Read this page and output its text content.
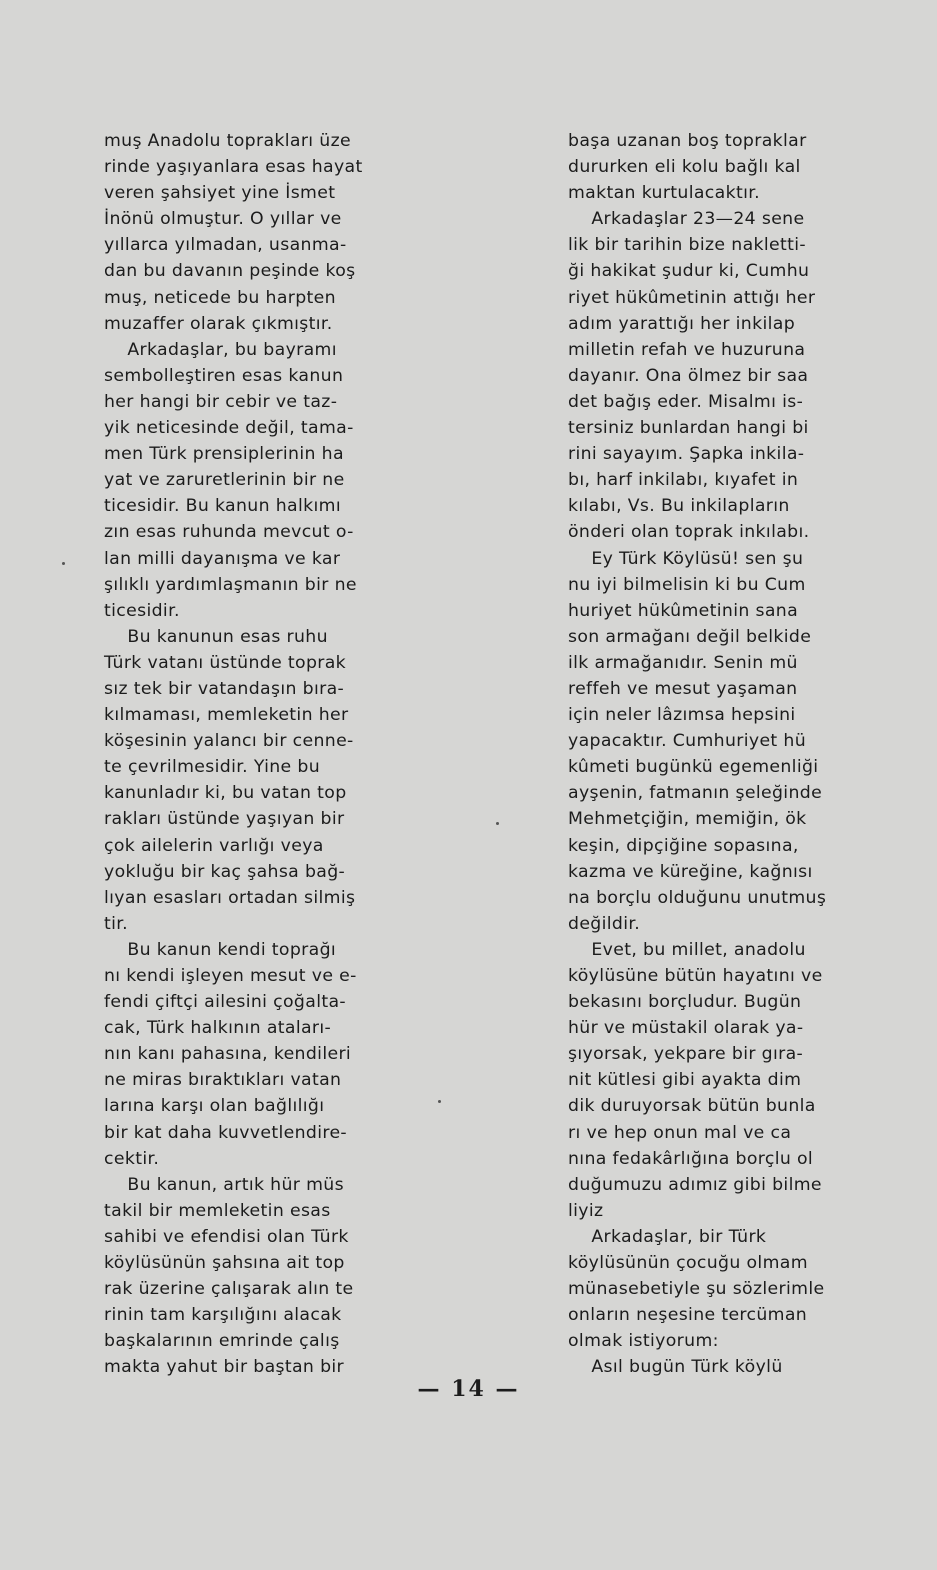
muş Anadolu toprakları üze
rinde yaşıyanlara esas hayat
veren şahsiyet yine İsmet
İnönü olmuştur. O yıllar ve
yıllarca yılmadan, usanma-
dan bu davanın peşinde koş
muş, neticede bu harpten
muzaffer olarak çıkmıştır.
Arkadaşlar, bu bayramı
sembolleştiren esas kanun
her hangi bir cebir ve taz-
yik neticesinde değil, tama-
men Türk prensiplerinin ha
yat ve zaruretlerinin bir ne
ticesidir. Bu kanun halkımı
zın esas ruhunda mevcut o-
lan milli dayanışma ve kar
şılıklı yardımlaşmanın bir ne
ticesidir.
Bu kanunun esas ruhu
Türk vatanı üstünde toprak
sız tek bir vatandaşın bıra-
kılmaması, memleketin her
köşesinin yalancı bir cenne-
te çevrilmesidir. Yine bu
kanunladır ki, bu vatan top
rakları üstünde yaşıyan bir
çok ailelerin varlığı veya
yokluğu bir kaç şahsa bağ-
lıyan esasları ortadan silmiş
tir.
Bu kanun kendi toprağı
nı kendi işleyen mesut ve e-
fendi çiftçi ailesini çoğalta-
cak, Türk halkının ataları-
nın kanı pahasına, kendileri
ne miras bıraktıkları vatan
larına karşı olan bağlılığı
bir kat daha kuvvetlendire-
cektir.
Bu kanun, artık hür müs
takil bir memleketin esas
sahibi ve efendisi olan Türk
köylüsünün şahsına ait top
rak üzerine çalışarak alın te
rinin tam karşılığını alacak
başkalarının emrinde çalış
makta yahut bir baştan bir
başa uzanan boş topraklar
dururken eli kolu bağlı kal
maktan kurtulacaktır.
Arkadaşlar 23—24 sene
lik bir tarihin bize nakletti-
ği hakikat şudur ki, Cumhu
riyet hükûmetinin attığı her
adım yarattığı her inkilap
milletin refah ve huzuruna
dayanır. Ona ölmez bir saa
det bağış eder. Misalmı is-
tersiniz bunlardan hangi bi
rini sayayım. Şapka inkila-
bı, harf inkilabı, kıyafet in
kılabı, Vs. Bu inkilapların
önderi olan toprak inkılabı.
Ey Türk Köylüsü! sen şu
nu iyi bilmelisin ki bu Cum
huriyet hükûmetinin sana
son armağanı değil belkide
ilk armağanıdır. Senin mü
reffeh ve mesut yaşaman
için neler lâzımsa hepsini
yapacaktır. Cumhuriyet hü
kûmeti bugünkü egemenliği
ayşenin, fatmanın şeleğinde
Mehmetçiğin, memiğin, ök
keşin, dipçiğine sopasına,
kazma ve küreğine, kağnısı
na borçlu olduğunu unutmuş
değildir.
Evet, bu millet, anadolu
köylüsüne bütün hayatını ve
bekasını borçludur. Bugün
hür ve müstakil olarak ya-
şıyorsak, yekpare bir gıra-
nit kütlesi gibi ayakta dim
dik duruyorsak bütün bunla
rı ve hep onun mal ve ca
nına fedakârlığına borçlu ol
duğumuzu adımız gibi bilme
liyiz
Arkadaşlar, bir Türk
köylüsünün çocuğu olmam
münasebetiyle şu sözlerimle
onların neşesine tercüman
olmak istiyorum:
Asıl bugün Türk köylü
— 14 —
